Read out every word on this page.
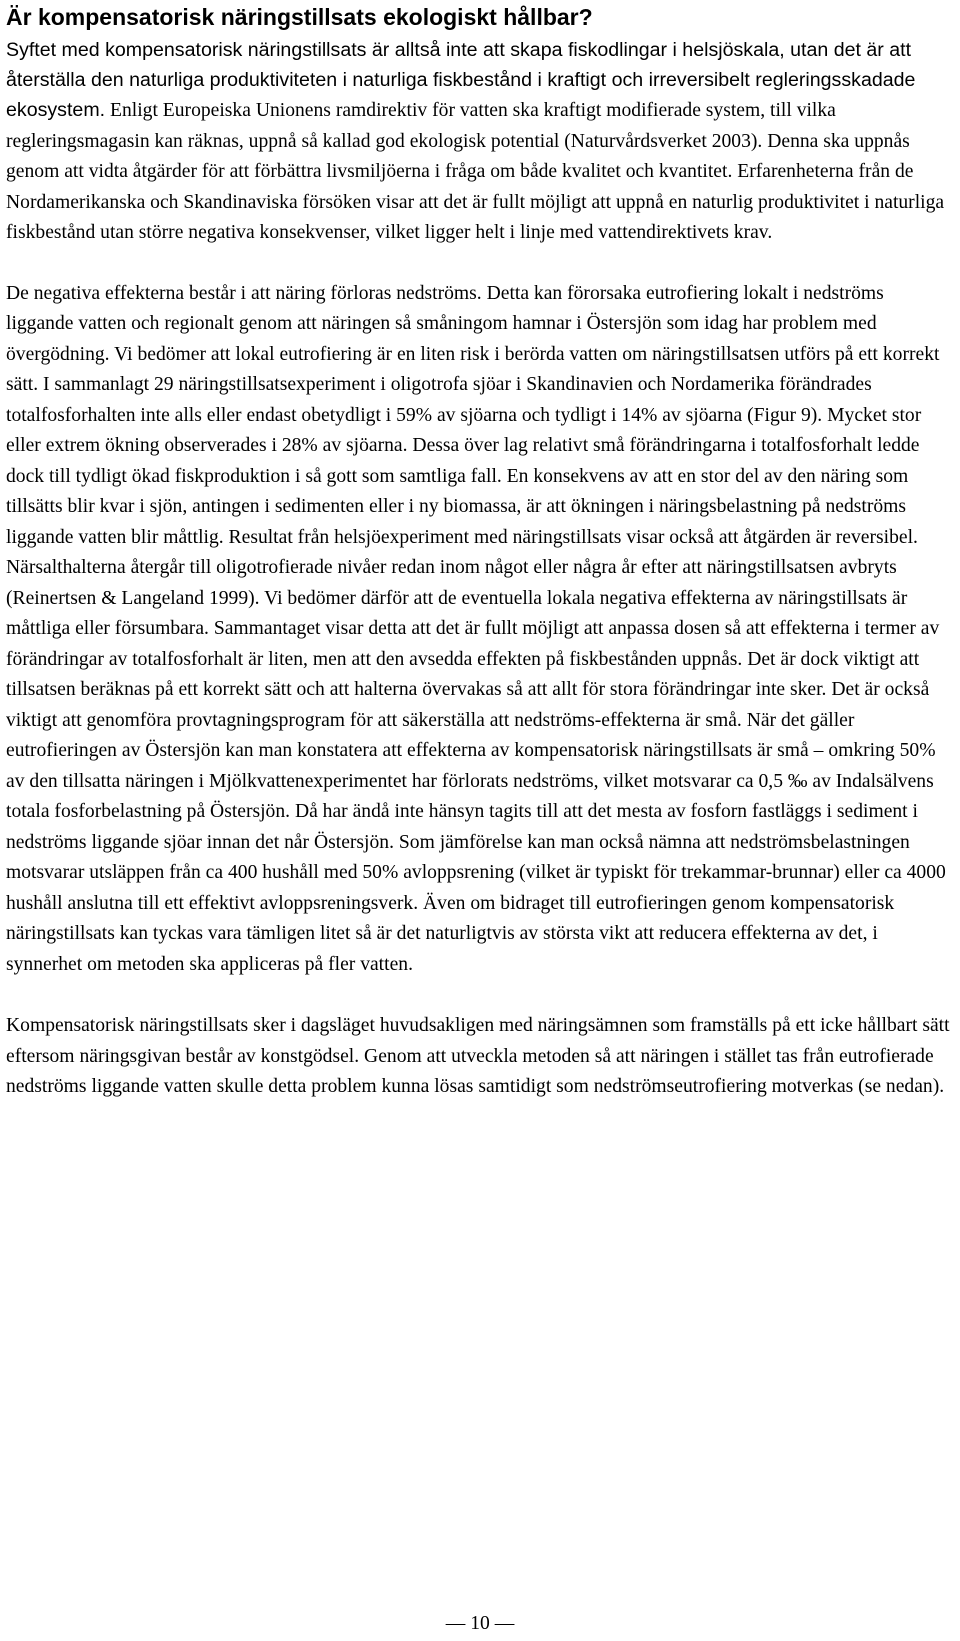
Är kompensatorisk näringstillsats ekologiskt hållbar?

Syftet med kompensatorisk näringstillsats är alltså inte att skapa fiskodlingar i helsjöskala, utan det är att återställa den naturliga produktiviteten i naturliga fiskbestånd i kraftigt och irreversibelt regleringsskadade ekosystem. Enligt Europeiska Unionens ramdirektiv för vatten ska kraftigt modifierade system, till vilka regleringsmagasin kan räknas, uppnå så kallad god ekologisk potential (Naturvårdsverket 2003). Denna ska uppnås genom att vidta åtgärder för att förbättra livsmiljöerna i fråga om både kvalitet och kvantitet. Erfarenheterna från de Nordamerikanska och Skandinaviska försöken visar att det är fullt möjligt att uppnå en naturlig produktivitet i naturliga fiskbestånd utan större negativa konsekvenser, vilket ligger helt i linje med vattendirektivets krav.

De negativa effekterna består i att näring förloras nedströms. Detta kan förorsaka eutrofiering lokalt i nedströms liggande vatten och regionalt genom att näringen så småningom hamnar i Östersjön som idag har problem med övergödning. Vi bedömer att lokal eutrofiering är en liten risk i berörda vatten om näringstillsatsen utförs på ett korrekt sätt. I sammanlagt 29 näringstillsatsexperiment i oligotrofa sjöar i Skandinavien och Nordamerika förändrades totalfosforhalten inte alls eller endast obetydligt i 59% av sjöarna och tydligt i 14% av sjöarna (Figur 9). Mycket stor eller extrem ökning observerades i 28% av sjöarna. Dessa över lag relativt små förändringarna i totalfosforhalt ledde dock till tydligt ökad fiskproduktion i så gott som samtliga fall. En konsekvens av att en stor del av den näring som tillsätts blir kvar i sjön, antingen i sedimenten eller i ny biomassa, är att ökningen i näringsbelastning på nedströms liggande vatten blir måttlig. Resultat från helsjöexperiment med näringstillsats visar också att åtgärden är reversibel. Närsalthalterna återgår till oligotrofierade nivåer redan inom något eller några år efter att näringstillsatsen avbryts (Reinertsen & Langeland 1999). Vi bedömer därför att de eventuella lokala negativa effekterna av näringstillsats är måttliga eller försumbara. Sammantaget visar detta att det är fullt möjligt att anpassa dosen så att effekterna i termer av förändringar av totalfosforhalt är liten, men att den avsedda effekten på fiskbestånden uppnås. Det är dock viktigt att tillsatsen beräknas på ett korrekt sätt och att halterna övervakas så att allt för stora förändringar inte sker. Det är också viktigt att genomföra provtagningsprogram för att säkerställa att nedströms-effekterna är små. När det gäller eutrofieringen av Östersjön kan man konstatera att effekterna av kompensatorisk näringstillsats är små – omkring 50% av den tillsatta näringen i Mjölkvattenexperimentet har förlorats nedströms, vilket motsvarar ca 0,5 ‰ av Indalsälvens totala fosforbelastning på Östersjön. Då har ändå inte hänsyn tagits till att det mesta av fosforn fastläggs i sediment i nedströms liggande sjöar innan det når Östersjön. Som jämförelse kan man också nämna att nedströmsbelastningen motsvarar utsläppen från ca 400 hushåll med 50% avloppsrening (vilket är typiskt för trekammar-brunnar) eller ca 4000 hushåll anslutna till ett effektivt avloppsreningsverk. Även om bidraget till eutrofieringen genom kompensatorisk näringstillsats kan tyckas vara tämligen litet så är det naturligtvis av största vikt att reducera effekterna av det, i synnerhet om metoden ska appliceras på fler vatten.

Kompensatorisk näringstillsats sker i dagsläget huvudsakligen med näringsämnen som framställs på ett icke hållbart sätt eftersom näringsgivan består av konstgödsel. Genom att utveckla metoden så att näringen i stället tas från eutrofierade nedströms liggande vatten skulle detta problem kunna lösas samtidigt som nedströmseutrofiering motverkas (se nedan).

— 10 —
